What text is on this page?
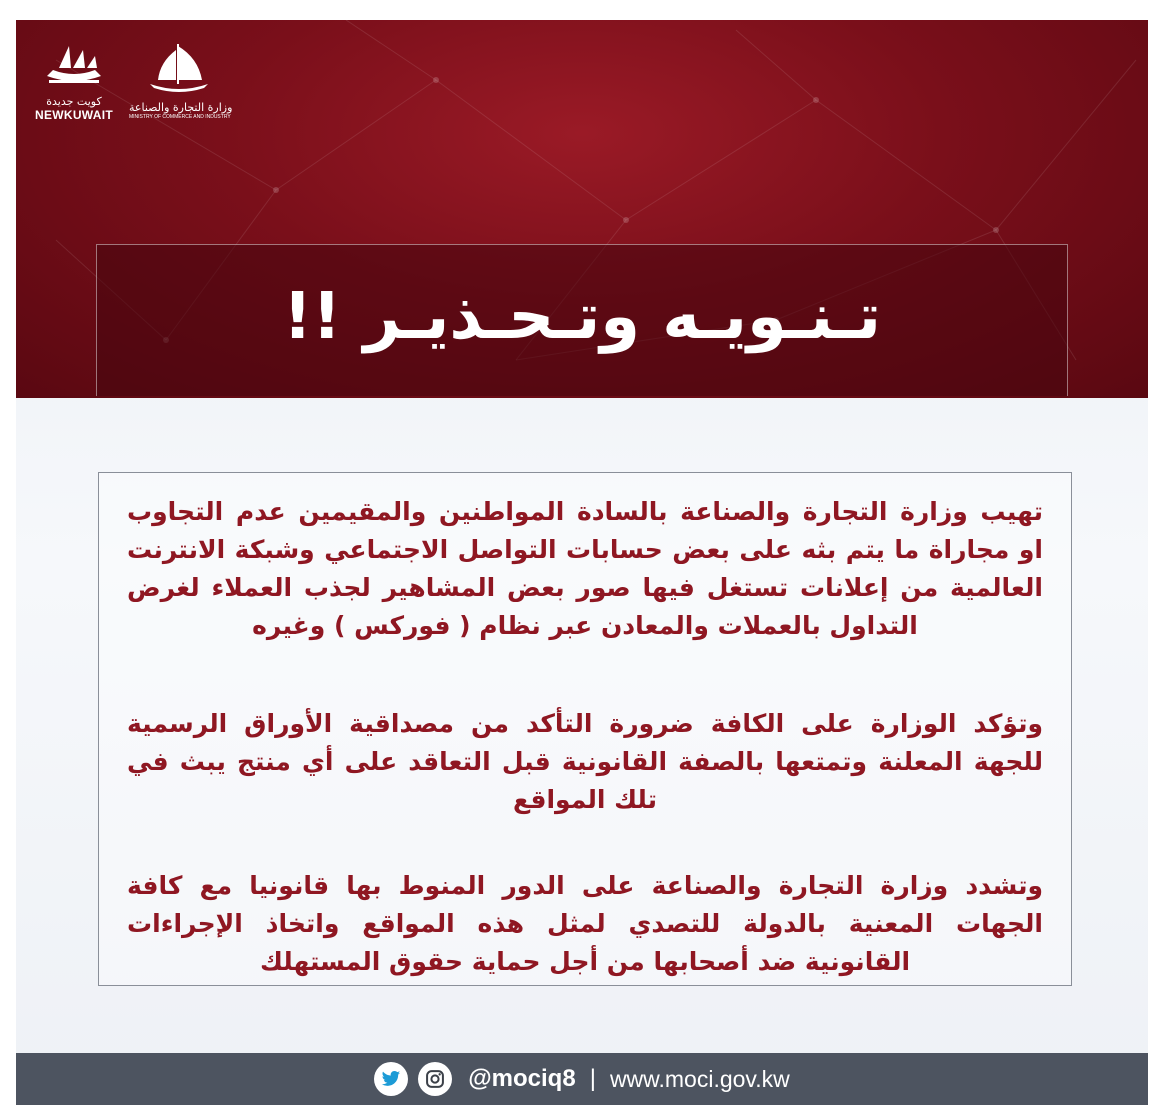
كويت جديدة
NEWKUWAIT
وزارة التجارة والصناعة
MINISTRY OF COMMERCE AND INDUSTRY
تـنـويـه وتـحـذيـر !!
تهيب وزارة التجارة والصناعة بالسادة المواطنين والمقيمين عدم التجاوب او مجاراة ما يتم بثه على بعض حسابات التواصل الاجتماعي وشبكة الانترنت العالمية من إعلانات تستغل فيها صور بعض المشاهير لجذب العملاء لغرض التداول بالعملات والمعادن عبر نظام ( فوركس ) وغيره
وتؤكد الوزارة على الكافة ضرورة التأكد من مصداقية الأوراق الرسمية للجهة المعلنة وتمتعها بالصفة القانونية قبل التعاقد على أي منتج يبث في تلك المواقع
وتشدد وزارة التجارة والصناعة على الدور المنوط بها قانونيا مع كافة الجهات المعنية بالدولة للتصدي لمثل هذه المواقع واتخاذ الإجراءات القانونية ضد أصحابها من أجل حماية حقوق المستهلك
@mociq8 | www.moci.gov.kw
